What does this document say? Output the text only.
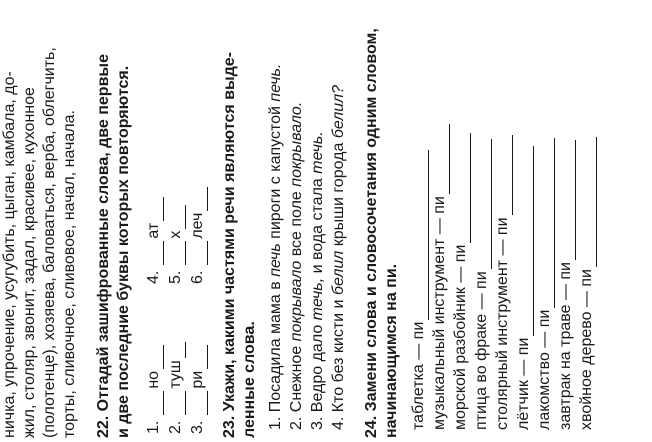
ничка, упрочение, усугубить, цыган, камбала, до- жил, столяр, звонит, задал, красивее, кухонное (полотенце), хозяева, баловаться, верба, облегчить, торты, сливочное, сливовое, начал, начала. 22. Отгадай зашифрованные слова, две первые и две последние буквы которых повторяются. 1.
но
4.
ат
2.
туш
5.
х
3.
ри
6.
леч 23. Укажи, какими частями речи являются выде- ленные слова. 1. Посадила мама в печь пироги с капустой печь.
2. Снежное покрывало все поле покрывало.
3. Ведро дало течь, и вода стала течь.
4. Кто без кисти и белил крыши города белил? 24. Замени слова и словосочетания одним словом, начинающимся на пи. таблетка — пи музыкальный инструмент — пи морской разбойник — пи птица во фраке — пи столярный инструмент — пи лётчик — пи лакомство — пи завтрак на траве — пи хвойное дерево — пи
